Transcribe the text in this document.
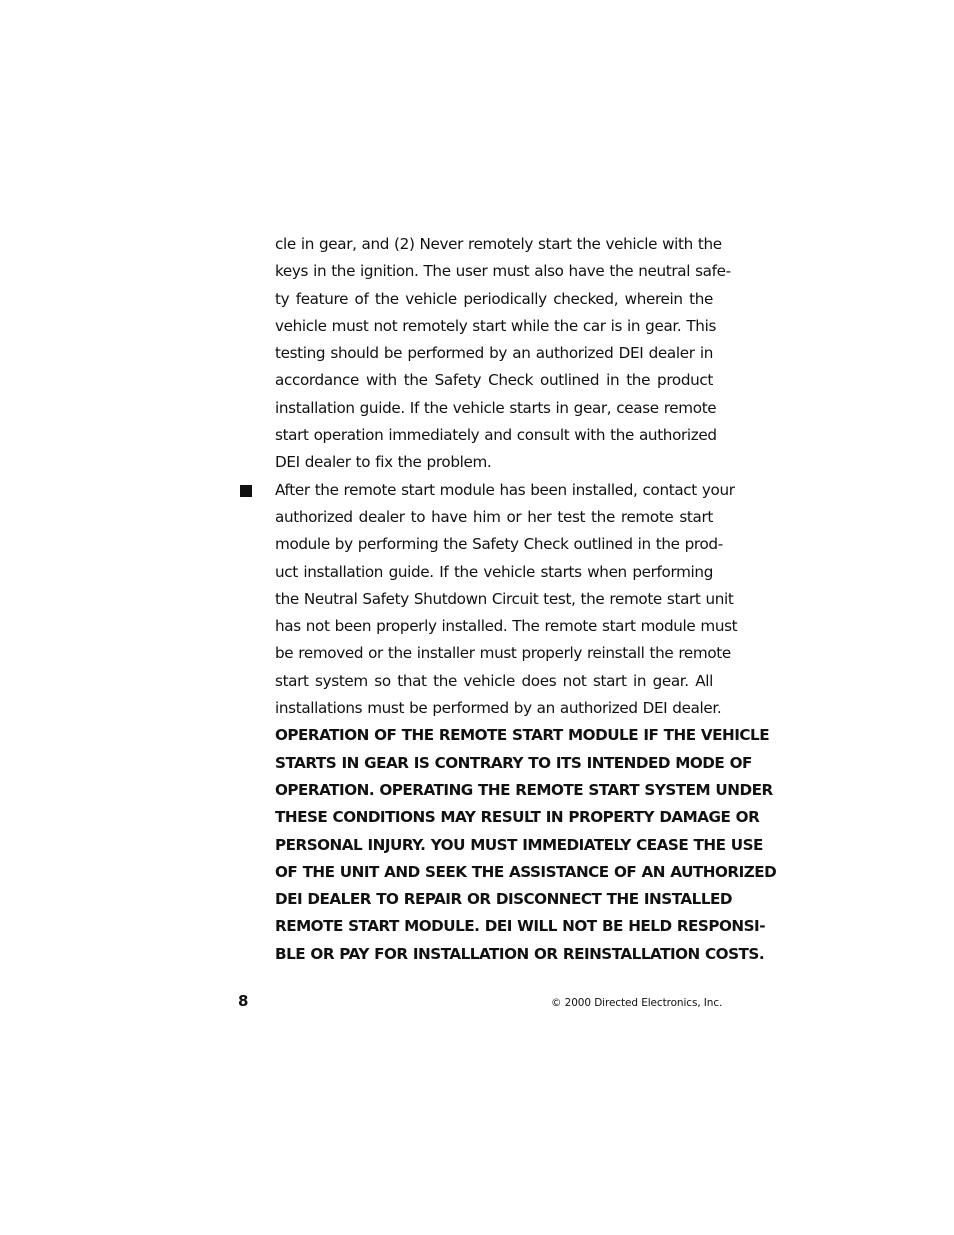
cle in gear, and (2) Never remotely start the vehicle with the
keys in the ignition. The user must also have the neutral safe-
ty feature of the vehicle periodically checked, wherein the
vehicle must not remotely start while the car is in gear. This
testing should be performed by an authorized DEI dealer in
accordance with the Safety Check outlined in the product
installation guide. If the vehicle starts in gear, cease remote
start operation immediately and consult with the authorized
DEI dealer to fix the problem.
After the remote start module has been installed, contact your
authorized dealer to have him or her test the remote start
module by performing the Safety Check outlined in the prod-
uct installation guide. If the vehicle starts when performing
the Neutral Safety Shutdown Circuit test, the remote start unit
has not been properly installed. The remote start module must
be removed or the installer must properly reinstall the remote
start system so that the vehicle does not start in gear. All
installations must be performed by an authorized DEI dealer.
OPERATION OF THE REMOTE START MODULE IF THE VEHICLE
STARTS IN GEAR IS CONTRARY TO ITS INTENDED MODE OF
OPERATION. OPERATING THE REMOTE START SYSTEM UNDER
THESE CONDITIONS MAY RESULT IN PROPERTY DAMAGE OR
PERSONAL INJURY. YOU MUST IMMEDIATELY CEASE THE USE
OF THE UNIT AND SEEK THE ASSISTANCE OF AN AUTHORIZED
DEI DEALER TO REPAIR OR DISCONNECT THE INSTALLED
REMOTE START MODULE. DEI WILL NOT BE HELD RESPONSI-
BLE OR PAY FOR INSTALLATION OR REINSTALLATION COSTS.
8	© 2000 Directed Electronics, Inc.
